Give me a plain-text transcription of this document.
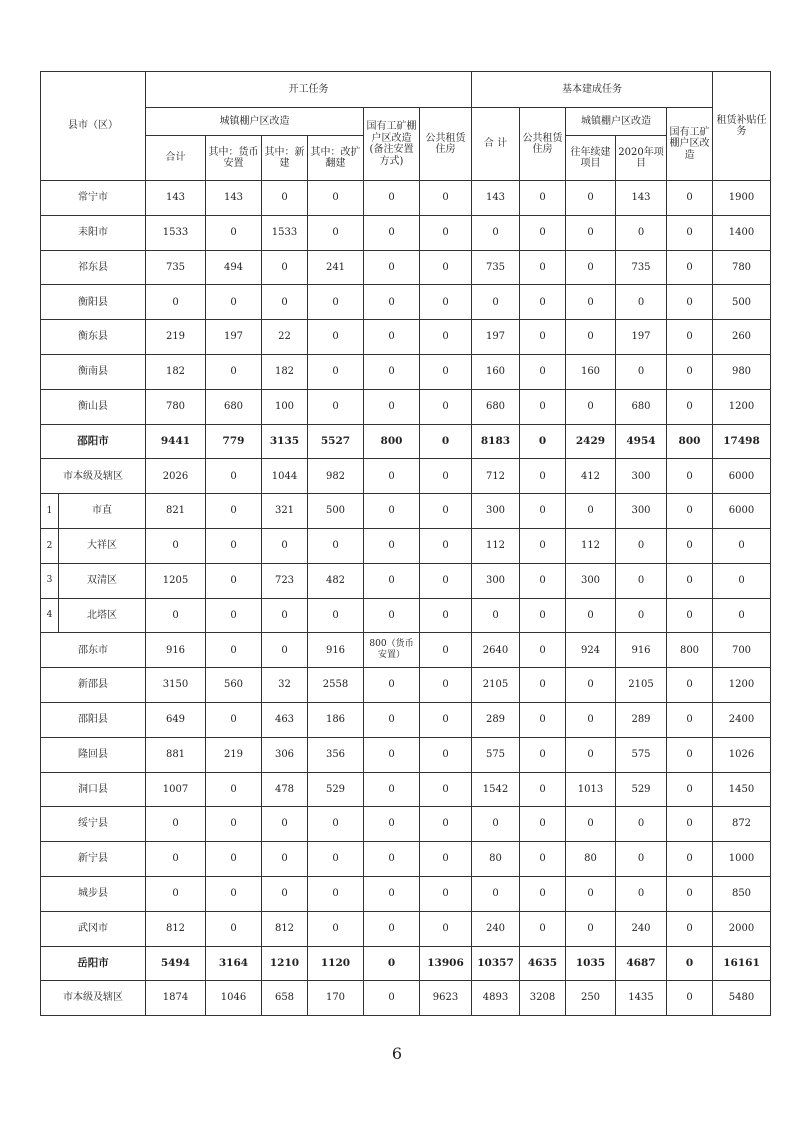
县市（区）		开工任务						基本建成任务					租赁补贴任务
		城镇棚户区改造				国有工矿棚户区改造(备注安置方式)	公共租赁住房	合 计	公共租赁住房	城镇棚户区改造		国有工矿棚户区改造	
		合计	其中：货币安置	其中：新 建	其中：改扩翻建					往年续建项目	2020年项目		
常宁市		143	143	0	0	0	0	143	0	0	143	0	1900
耒阳市		1533	0	1533	0	0	0	0	0	0	0	0	1400
祁东县		735	494	0	241	0	0	735	0	0	735	0	780
衡阳县		0	0	0	0	0	0	0	0	0	0	0	500
衡东县		219	197	22	0	0	0	197	0	0	197	0	260
衡南县		182	0	182	0	0	0	160	0	160	0	0	980
衡山县		780	680	100	0	0	0	680	0	0	680	0	1200
邵阳市		9441	779	3135	5527	800	0	8183	0	2429	4954	800	17498
市本级及辖区		2026	0	1044	982	0	0	712	0	412	300	0	6000
1	市直	821	0	321	500	0	0	300	0	0	300	0	6000
2	大祥区	0	0	0	0	0	0	112	0	112	0	0	0
3	双清区	1205	0	723	482	0	0	300	0	300	0	0	0
4	北塔区	0	0	0	0	0	0	0	0	0	0	0	0
邵东市		916	0	0	916	800（货币安置）	0	2640	0	924	916	800	700
新邵县		3150	560	32	2558	0	0	2105	0	0	2105	0	1200
邵阳县		649	0	463	186	0	0	289	0	0	289	0	2400
隆回县		881	219	306	356	0	0	575	0	0	575	0	1026
洞口县		1007	0	478	529	0	0	1542	0	1013	529	0	1450
绥宁县		0	0	0	0	0	0	0	0	0	0	0	872
新宁县		0	0	0	0	0	0	80	0	80	0	0	1000
城步县		0	0	0	0	0	0	0	0	0	0	0	850
武冈市		812	0	812	0	0	0	240	0	0	240	0	2000
岳阳市		5494	3164	1210	1120	0	13906	10357	4635	1035	4687	0	16161
市本级及辖区		1874	1046	658	170	0	9623	4893	3208	250	1435	0	5480
6
